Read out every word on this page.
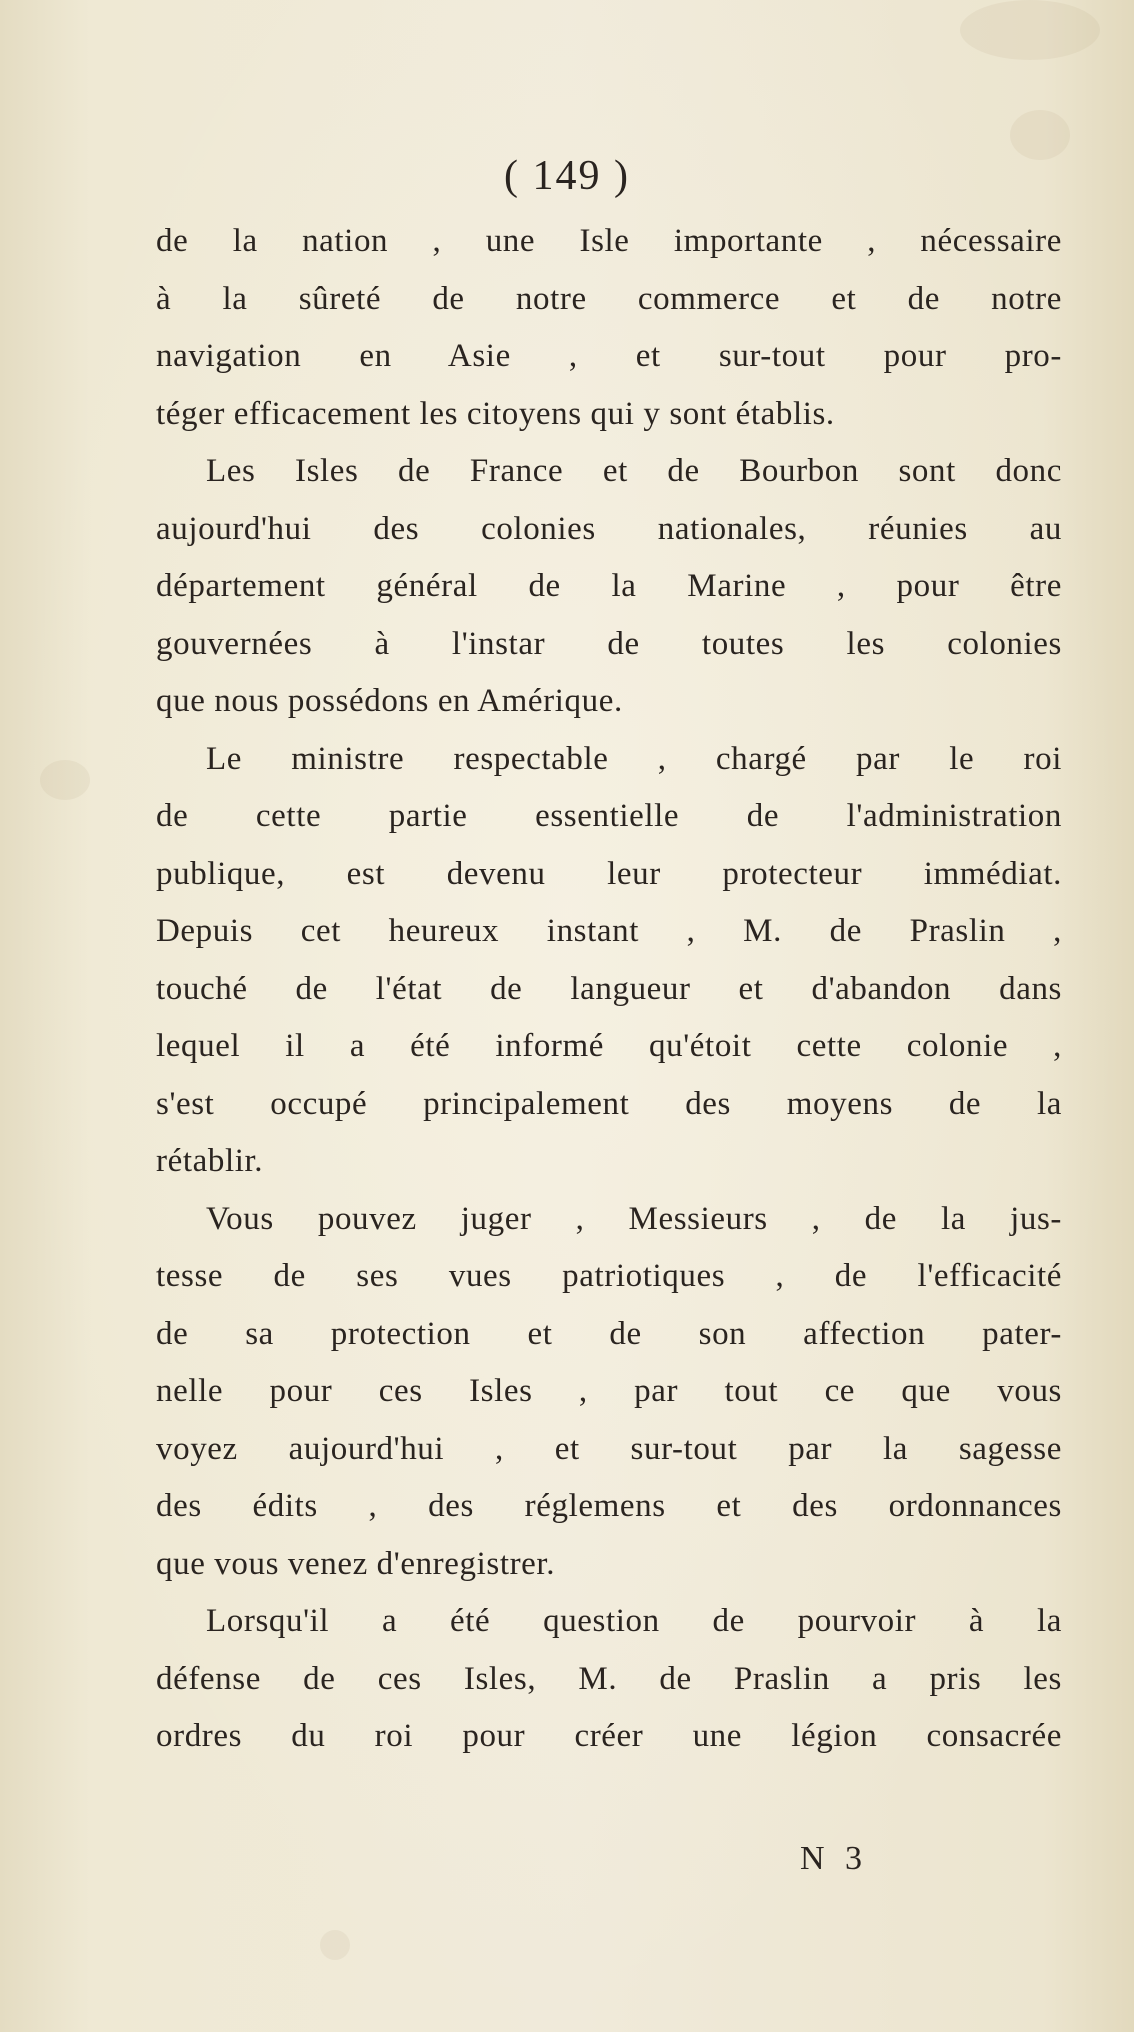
( 149 )
de la nation , une Isle importante , nécessaire
à la sûreté de notre commerce et de notre
navigation en Asie , et sur-tout pour pro-
téger efficacement les citoyens qui y sont établis.
Les Isles de France et de Bourbon sont donc
aujourd'hui des colonies nationales, réunies au
département général de la Marine , pour être
gouvernées à l'instar de toutes les colonies
que nous possédons en Amérique.
Le ministre respectable , chargé par le roi
de cette partie essentielle de l'administration
publique, est devenu leur protecteur immédiat.
Depuis cet heureux instant , M. de Praslin ,
touché de l'état de langueur et d'abandon dans
lequel il a été informé qu'étoit cette colonie ,
s'est occupé principalement des moyens de la
rétablir.
Vous pouvez juger , Messieurs , de la jus-
tesse de ses vues patriotiques , de l'efficacité
de sa protection et de son affection pater-
nelle pour ces Isles , par tout ce que vous
voyez aujourd'hui , et sur-tout par la sagesse
des édits , des réglemens et des ordonnances
que vous venez d'enregistrer.
Lorsqu'il a été question de pourvoir à la
défense de ces Isles, M. de Praslin a pris les
ordres du roi pour créer une légion consacrée
N 3
